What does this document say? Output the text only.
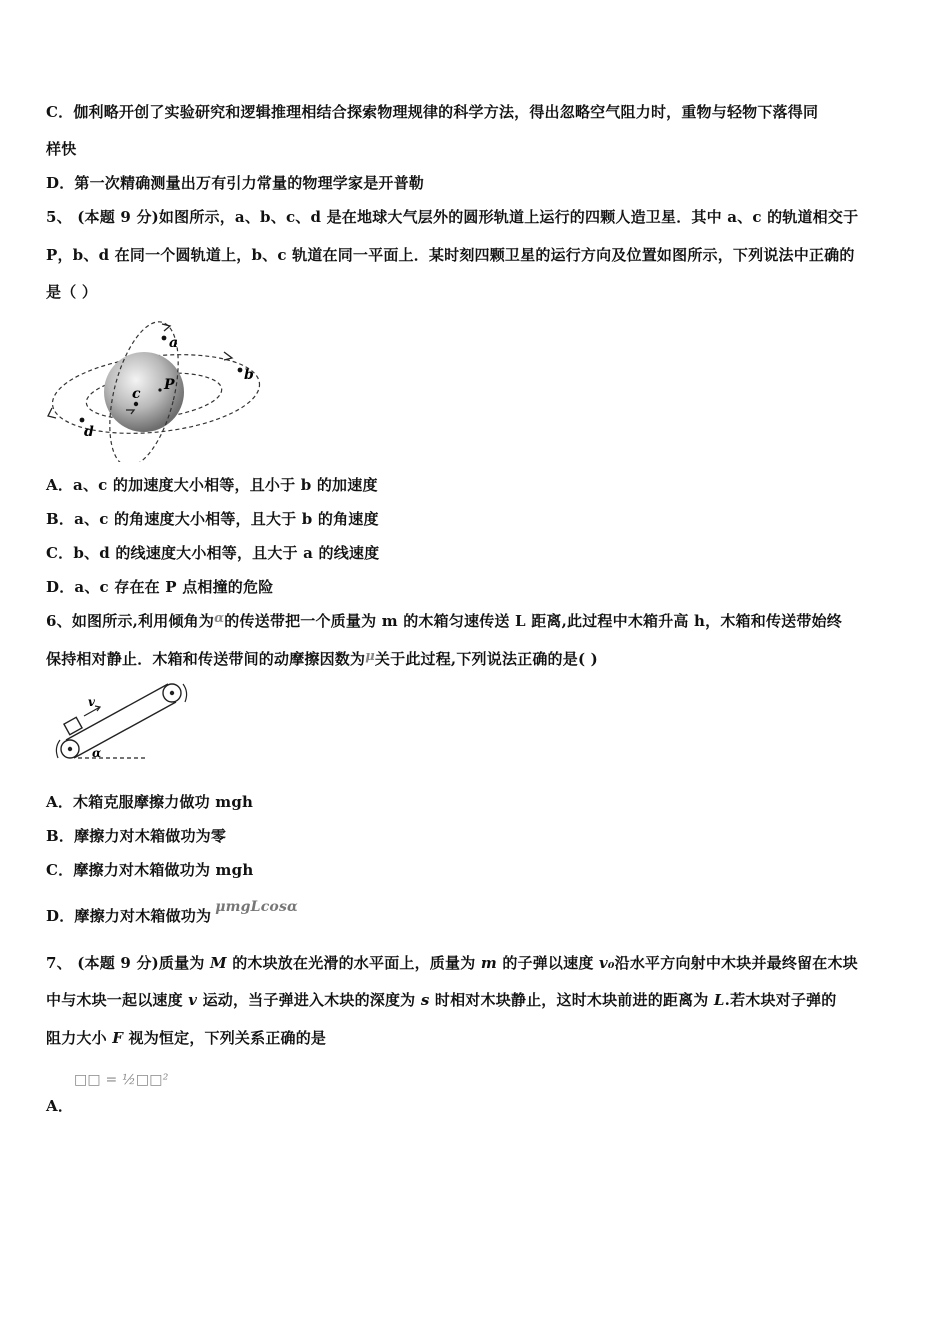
C．伽利略开创了实验研究和逻辑推理相结合探索物理规律的科学方法，得出忽略空气阻力时，重物与轻物下落得同
样快
D．第一次精确测量出万有引力常量的物理学家是开普勒
5、 (本题 9 分)如图所示，a、b、c、d 是在地球大气层外的圆形轨道上运行的四颗人造卫星．其中 a、c 的轨道相交于
P，b、d 在同一个圆轨道上，b、c 轨道在同一平面上．某时刻四颗卫星的运行方向及位置如图所示，下列说法中正确的
是（ ）
a
b
c
d
P
A．a、c 的加速度大小相等，且小于 b 的加速度
B．a、c 的角速度大小相等，且大于 b 的角速度
C．b、d 的线速度大小相等，且大于 a 的线速度
D．a、c 存在在 P 点相撞的危险
6、如图所示,利用倾角为α的传送带把一个质量为 m 的木箱匀速传送 L 距离,此过程中木箱升高 h，木箱和传送带始终
保持相对静止．木箱和传送带间的动摩擦因数为μ关于此过程,下列说法正确的是( )
v
α
A．木箱克服摩擦力做功 mgh
B．摩擦力对木箱做功为零
C．摩擦力对木箱做功为 mgh
D．摩擦力对木箱做功为 μmgLcosα
7、 (本题 9 分)质量为 M 的木块放在光滑的水平面上，质量为 m 的子弹以速度 v₀沿水平方向射中木块并最终留在木块
中与木块一起以速度 v 运动，当子弹进入木块的深度为 s 时相对木块静止，这时木块前进的距离为 L.若木块对子弹的
阻力大小 F 视为恒定，下列关系正确的是
□□ = ½□□²
A．
